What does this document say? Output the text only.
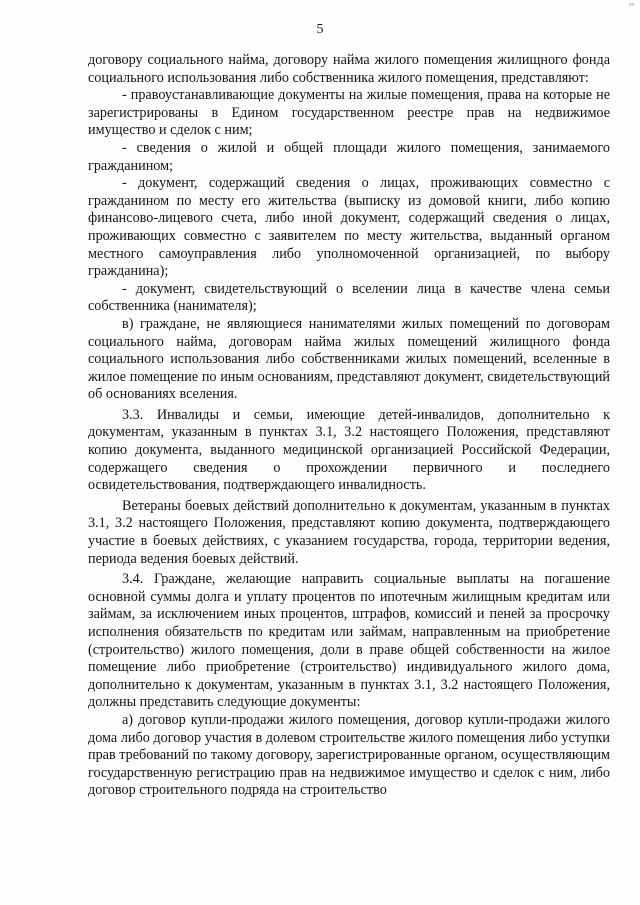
ᵃᵃ
5

договору социального найма, договору найма жилого помещения жилищного фонда социального использования либо собственника жилого помещения, представляют:

- правоустанавливающие документы на жилые помещения, права на которые не зарегистрированы в Едином государственном реестре прав на недвижимое имущество и сделок с ним;

- сведения о жилой и общей площади жилого помещения, занимаемого гражданином;

- документ, содержащий сведения о лицах, проживающих совместно с гражданином по месту его жительства (выписку из домовой книги, либо копию финансово-лицевого счета, либо иной документ, содержащий сведения о лицах, проживающих совместно с заявителем по месту жительства, выданный органом местного самоуправления либо уполномоченной организацией, по выбору гражданина);

- документ, свидетельствующий о вселении лица в качестве члена семьи собственника (нанимателя);

в) граждане, не являющиеся нанимателями жилых помещений по договорам социального найма, договорам найма жилых помещений жилищного фонда социального использования либо собственниками жилых помещений, вселенные в жилое помещение по иным основаниям, представляют документ, свидетельствующий об основаниях вселения.

3.3. Инвалиды и семьи, имеющие детей-инвалидов, дополнительно к документам, указанным в пунктах 3.1, 3.2 настоящего Положения, представляют копию документа, выданного медицинской организацией Российской Федерации, содержащего сведения о прохождении первичного и последнего освидетельствования, подтверждающего инвалидность.

Ветераны боевых действий дополнительно к документам, указанным в пунктах 3.1, 3.2 настоящего Положения, представляют копию документа, подтверждающего участие в боевых действиях, с указанием государства, города, территории ведения, периода ведения боевых действий.

3.4. Граждане, желающие направить социальные выплаты на погашение основной суммы долга и уплату процентов по ипотечным жилищным кредитам или займам, за исключением иных процентов, штрафов, комиссий и пеней за просрочку исполнения обязательств по кредитам или займам, направленным на приобретение (строительство) жилого помещения, доли в праве общей собственности на жилое помещение либо приобретение (строительство) индивидуального жилого дома, дополнительно к документам, указанным в пунктах 3.1, 3.2 настоящего Положения, должны представить следующие документы:

а) договор купли-продажи жилого помещения, договор купли-продажи жилого дома либо договор участия в долевом строительстве жилого помещения либо уступки прав требований по такому договору, зарегистрированные органом, осуществляющим государственную регистрацию прав на недвижимое имущество и сделок с ним, либо договор строительного подряда на строительство
